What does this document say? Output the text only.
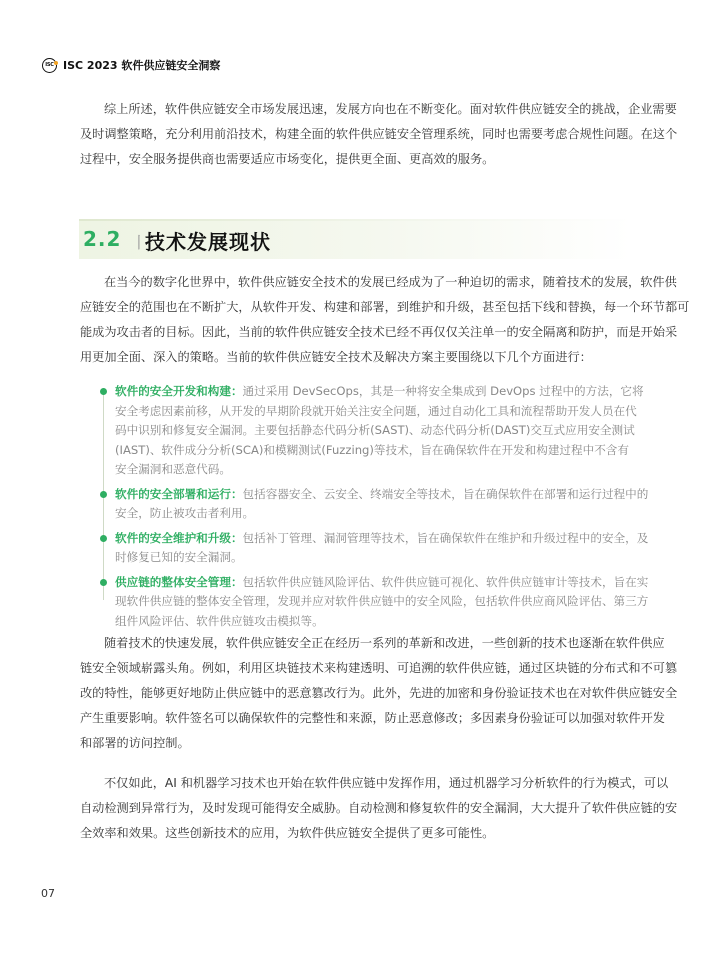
ISC ISC 2023 软件供应链安全洞察
综上所述，软件供应链安全市场发展迅速，发展方向也在不断变化。面对软件供应链安全的挑战，企业需要
及时调整策略，充分利用前沿技术，构建全面的软件供应链安全管理系统，同时也需要考虑合规性问题。在这个
过程中，安全服务提供商也需要适应市场变化，提供更全面、更高效的服务。
2.2 丨
技术发展现状
在当今的数字化世界中，软件供应链安全技术的发展已经成为了一种迫切的需求，随着技术的发展，软件供
应链安全的范围也在不断扩大，从软件开发、构建和部署，到维护和升级，甚至包括下线和替换，每一个环节都可
能成为攻击者的目标。因此，当前的软件供应链安全技术已经不再仅仅关注单一的安全隔离和防护，而是开始采
用更加全面、深入的策略。当前的软件供应链安全技术及解决方案主要围绕以下几个方面进行：
软件的安全开发和构建：通过采用 DevSecOps，其是一种将安全集成到 DevOps 过程中的方法，它将
安全考虑因素前移，从开发的早期阶段就开始关注安全问题，通过自动化工具和流程帮助开发人员在代
码中识别和修复安全漏洞。主要包括静态代码分析(SAST)、动态代码分析(DAST)交互式应用安全测试
(IAST)、软件成分分析(SCA)和模糊测试(Fuzzing)等技术，旨在确保软件在开发和构建过程中不含有
安全漏洞和恶意代码。
软件的安全部署和运行：包括容器安全、云安全、终端安全等技术，旨在确保软件在部署和运行过程中的
安全，防止被攻击者利用。
软件的安全维护和升级：包括补丁管理、漏洞管理等技术，旨在确保软件在维护和升级过程中的安全，及
时修复已知的安全漏洞。
供应链的整体安全管理：包括软件供应链风险评估、软件供应链可视化、软件供应链审计等技术，旨在实
现软件供应链的整体安全管理，发现并应对软件供应链中的安全风险，包括软件供应商风险评估、第三方
组件风险评估、软件供应链攻击模拟等。
随着技术的快速发展，软件供应链安全正在经历一系列的革新和改进，一些创新的技术也逐渐在软件供应
链安全领域崭露头角。例如，利用区块链技术来构建透明、可追溯的软件供应链，通过区块链的分布式和不可篡
改的特性，能够更好地防止供应链中的恶意篡改行为。此外，先进的加密和身份验证技术也在对软件供应链安全
产生重要影响。软件签名可以确保软件的完整性和来源，防止恶意修改；多因素身份验证可以加强对软件开发
和部署的访问控制。
不仅如此，AI 和机器学习技术也开始在软件供应链中发挥作用，通过机器学习分析软件的行为模式，可以
自动检测到异常行为，及时发现可能得安全威胁。自动检测和修复软件的安全漏洞，大大提升了软件供应链的安
全效率和效果。这些创新技术的应用，为软件供应链安全提供了更多可能性。
07
